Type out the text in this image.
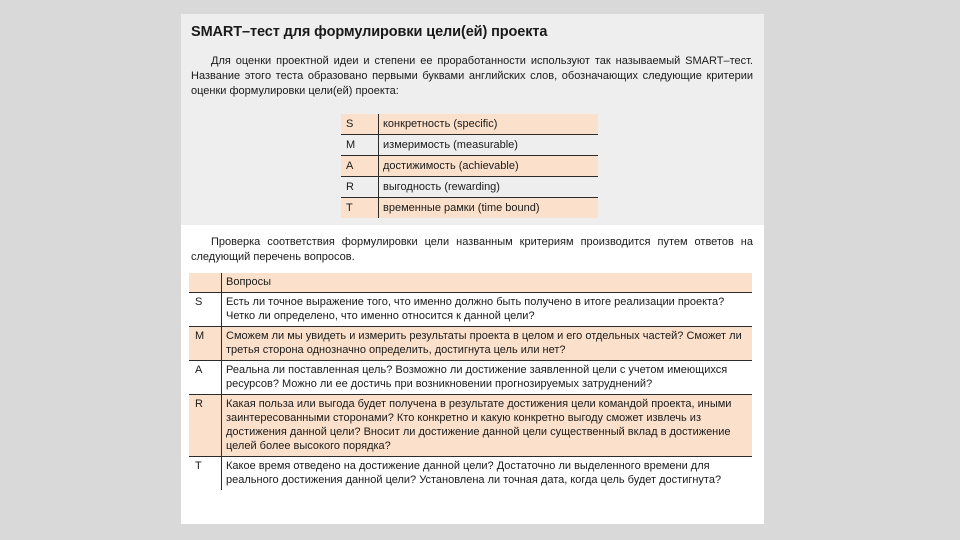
SMART–тест для формулировки цели(ей) проекта
Для оценки проектной идеи и степени ее проработанности используют так называемый SMART–тест. Название этого теста образовано первыми буквами английских слов, обозначающих следующие критерии оценки формулировки цели(ей) проекта:
S	конкретность (specific)
M	измеримость (measurable)
A	достижимость (achievable)
R	выгодность (rewarding)
T	временные рамки (time bound)
Проверка соответствия формулировки цели названным критериям производится путем ответов на следующий перечень вопросов.
	Вопросы
S	Есть ли точное выражение того, что именно должно быть получено в итоге реализации проекта? Четко ли определено, что именно относится к данной цели?
M	Сможем ли мы увидеть и измерить результаты проекта в целом и его отдельных частей? Сможет ли третья сторона однозначно определить, достигнута цель или нет?
A	Реальна ли поставленная цель? Возможно ли достижение заявленной цели с учетом имеющихся ресурсов? Можно ли ее достичь при возникновении прогнозируемых затруднений?
R	Какая польза или выгода будет получена в результате достижения цели командой проекта, иными заинтересованными сторонами? Кто конкретно и какую конкретно выгоду сможет извлечь из достижения данной цели? Вносит ли достижение данной цели существенный вклад в достижение целей более высокого порядка?
T	Какое время отведено на достижение данной цели? Достаточно ли выделенного времени для реального достижения данной цели? Установлена ли точная дата, когда цель будет достигнута?
